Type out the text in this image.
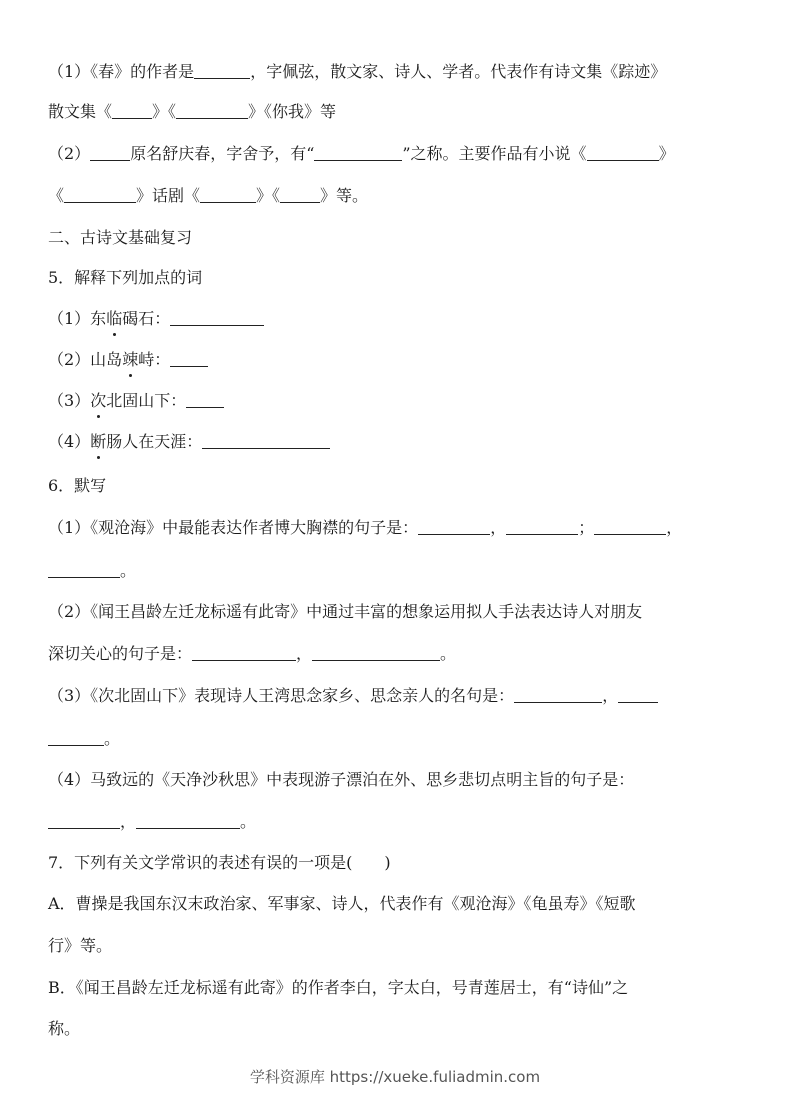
（1）《春》的作者是	，字佩弦，散文家、诗人、学者。代表作有诗文集《踪迹》
散文集《	》《	》《你我》等
（2）	原名舒庆春，字舍予，有“	”之称。主要作品有小说《	》
《	》话剧《	》《	》等。
二、古诗文基础复习
5．解释下列加点的词
（1）东临碣石：
（2）山岛竦峙：
（3）次北固山下：
（4）断肠人在天涯：
6．默写
（1）《观沧海》中最能表达作者博大胸襟的句子是：	，	；	，
。
（2）《闻王昌龄左迁龙标遥有此寄》中通过丰富的想象运用拟人手法表达诗人对朋友
深切关心的句子是：	，	。
（3）《次北固山下》表现诗人王湾思念家乡、思念亲人的名句是：	，
。
（4）马致远的《天净沙秋思》中表现游子漂泊在外、思乡悲切点明主旨的句子是：
，	。
7．下列有关文学常识的表述有误的一项是(　　)
A．曹操是我国东汉末政治家、军事家、诗人，代表作有《观沧海》《龟虽寿》《短歌
行》等。
B．《闻王昌龄左迁龙标遥有此寄》的作者李白，字太白，号青莲居士，有“诗仙”之
称。
学科资源库 https://xueke.fuliadmin.com
